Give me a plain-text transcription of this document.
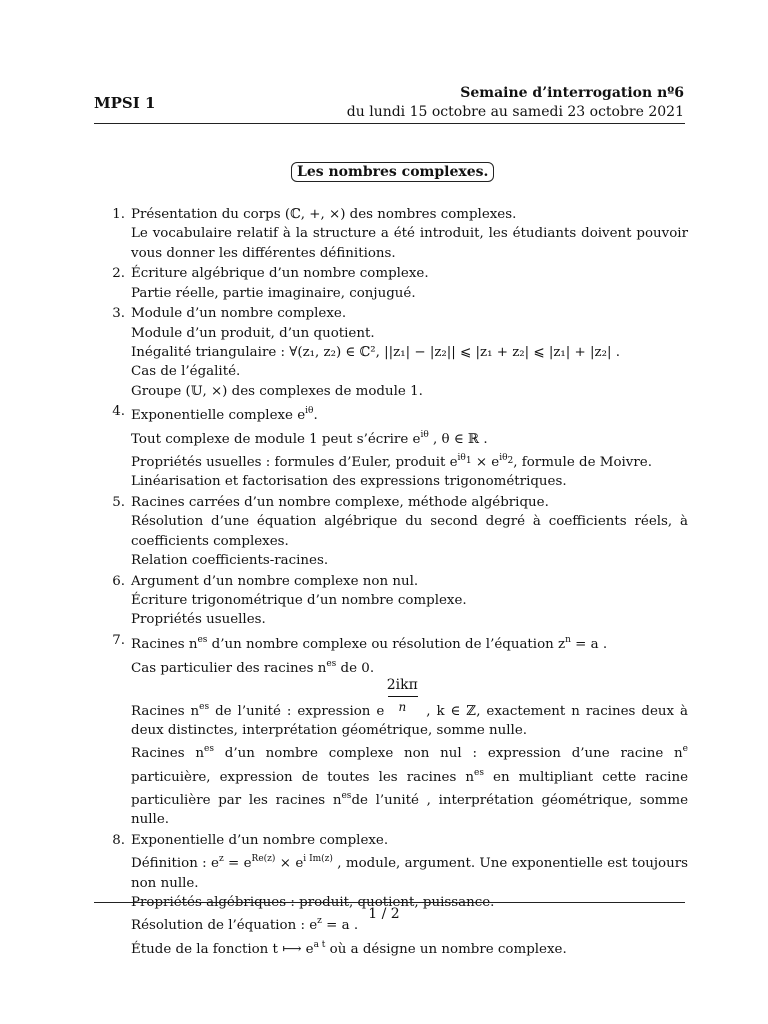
MPSI 1
Semaine d’interrogation nº6
du lundi 15 octobre au samedi 23 octobre 2021
Les nombres complexes.
1. Présentation du corps (ℂ, +, ×) des nombres complexes.
Le vocabulaire relatif à la structure a été introduit, les étudiants doivent pouvoir vous donner les différentes définitions.
2. Écriture algébrique d’un nombre complexe.
Partie réelle, partie imaginaire, conjugué.
3. Module d’un nombre complexe.
Module d’un produit, d’un quotient.
Inégalité triangulaire : ∀(z₁, z₂) ∈ ℂ², ||z₁| − |z₂|| ⩽ |z₁ + z₂| ⩽ |z₁| + |z₂| .
Cas de l’égalité.
Groupe (𝕌, ×) des complexes de module 1.
4. Exponentielle complexe $e^{i\theta}$.
Tout complexe de module 1 peut s’écrire $e^{i\theta}$ , θ ∈ ℝ .
Propriétés usuelles : formules d’Euler, produit $e^{i\theta 1} \times e^{i\theta 2}$, formule de Moivre.
Linéarisation et factorisation des expressions trigonométriques.
5. Racines carrées d’un nombre complexe, méthode algébrique.
Résolution d’une équation algébrique du second degré à coefficients réels, à coefficients complexes.
Relation coefficients-racines.
6. Argument d’un nombre complexe non nul.
Écriture trigonométrique d’un nombre complexe.
Propriétés usuelles.
7. Racines $n^{es}$ d’un nombre complexe ou résolution de l’équation $z^n = a$ .
Cas particulier des racines $n^{es}$ de 0.
Racines $n^{es}$ de l’unité : expression e $\frac{\text{2ikπ}}{n}$ , k ∈ ℤ, exactement n racines deux à deux distinctes, interprétation géométrique, somme nulle.
Racines $n^{es}$ d’un nombre complexe non nul : expression d’une racine $n^e$ particuière, expression de toutes les racines $n^{es}$ en multipliant cette racine particulière par les racines $n^{es}de$ l’unité , interprétation géométrique, somme nulle.
8. Exponentielle d’un nombre complexe.
Définition : $e^z = e^{Re(z)} \times e^{i Im(z)}$ , module, argument. Une exponentielle est toujours non nulle.
Propriétés algébriques : produit, quotient, puissance.
Résolution de l’équation : $e^z = a$ .
Étude de la fonction t ⟼ $e^{a t}$ où a désigne un nombre complexe.
1 / 2
